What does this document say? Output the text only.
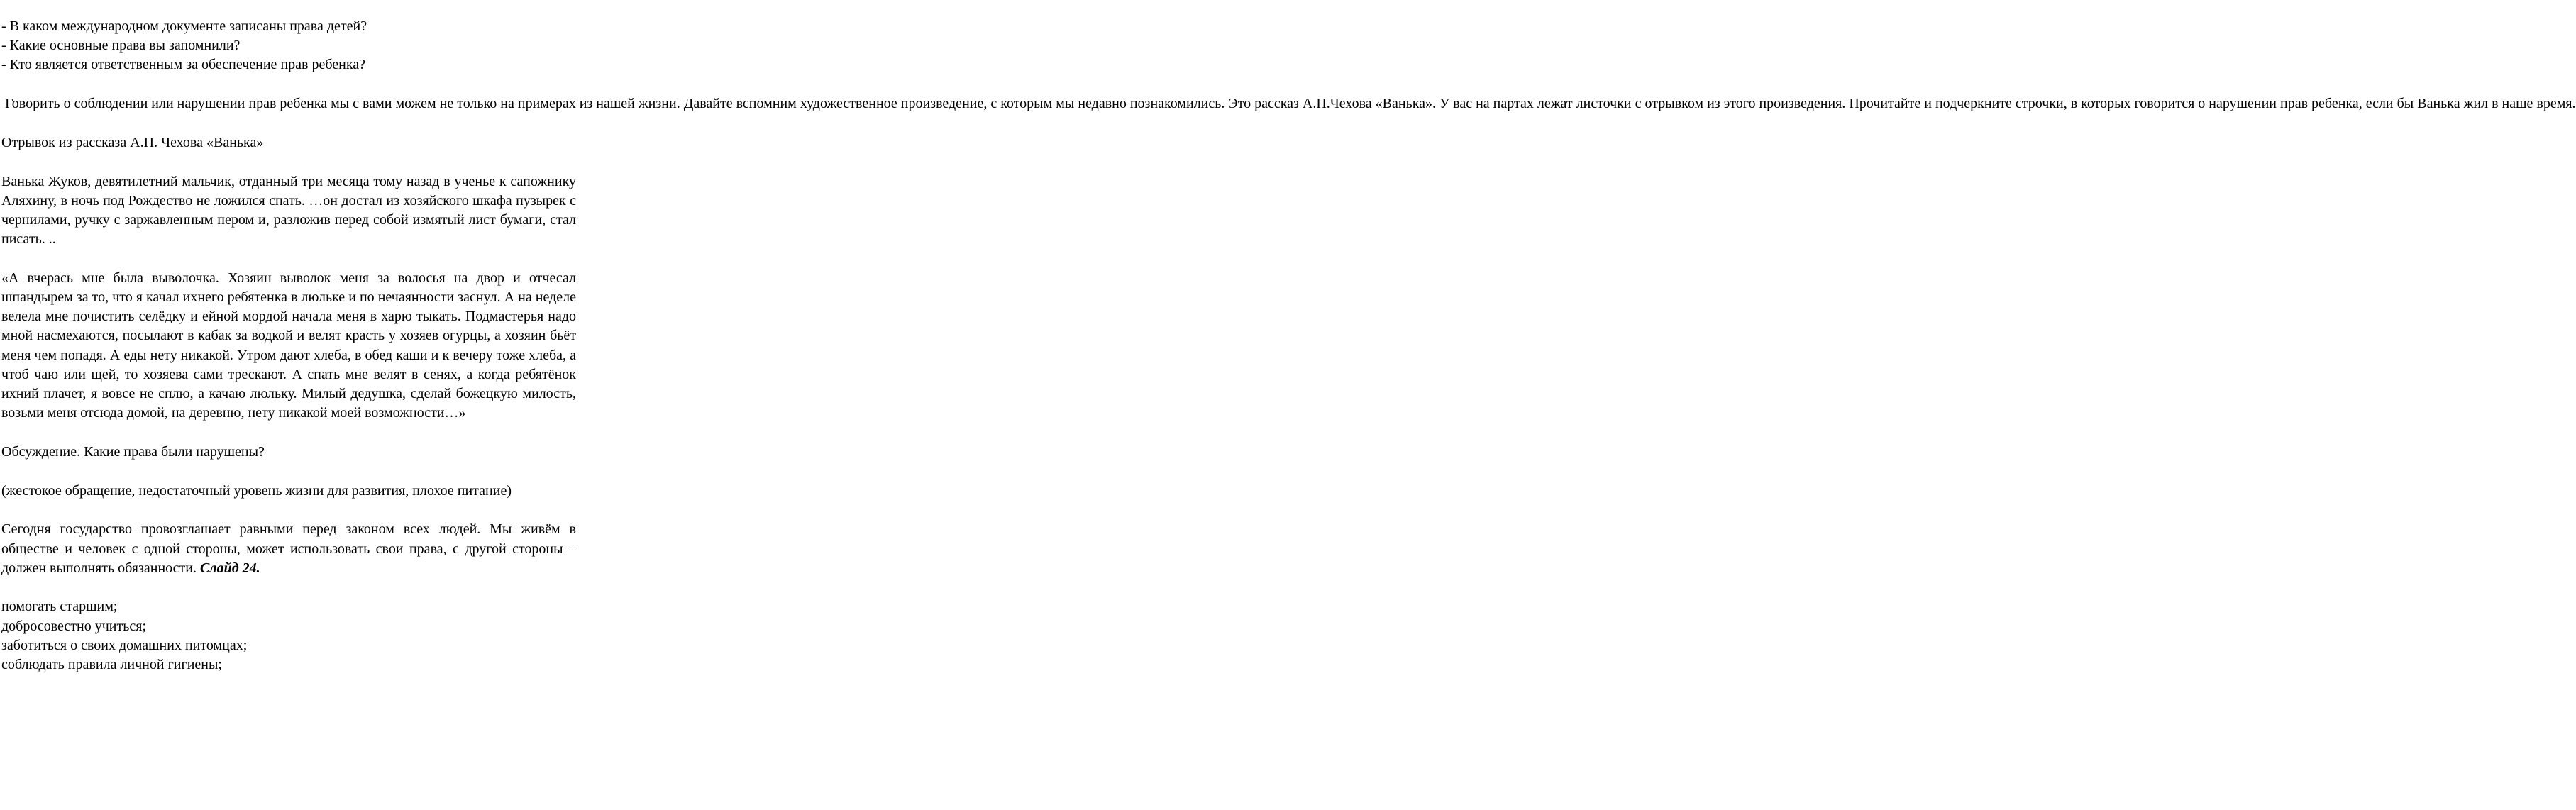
- В каком международном документе записаны права детей?

- Какие основные права вы запомнили?

- Кто является ответственным за обеспечение прав ребенка?

Говорить о соблюдении или нарушении прав ребенка мы с вами можем не только на примерах из нашей жизни. Давайте вспомним художественное произведение, с которым мы недавно познакомились. Это рассказ А.П.Чехова «Ванька». У вас на партах лежат листочки с отрывком из этого произведения. Прочитайте и подчеркните строчки, в которых говорится о нарушении прав ребенка, если бы Ванька жил в наше время.

Отрывок из рассказа А.П. Чехова «Ванька»

Ванька Жуков, девятилетний мальчик, отданный три месяца тому назад в ученье к сапожнику Аляхину, в ночь под Рождество не ложился спать. …он достал из хозяйского шкафа пузырек с чернилами, ручку с заржавленным пером и, разложив перед собой измятый лист бумаги, стал писать. ..

«А вчерась мне была выволочка. Хозяин выволок меня за волосья на двор и отчесал шпандырем за то, что я качал ихнего ребятенка в люльке и по нечаянности заснул. А на неделе велела мне почистить селёдку и ейной мордой начала меня в харю тыкать. Подмастерья надо мной насмехаются, посылают в кабак за водкой и велят красть у хозяев огурцы, а хозяин бьёт меня чем попадя. А еды нету никакой. Утром дают хлеба, в обед каши и к вечеру тоже хлеба, а чтоб чаю или щей, то хозяева сами трескают. А спать мне велят в сенях, а когда ребятёнок ихний плачет, я вовсе не сплю, а качаю люльку. Милый дедушка, сделай божецкую милость, возьми меня отсюда домой, на деревню, нету никакой моей возможности…»

Обсуждение. Какие права были нарушены?

(жестокое обращение, недостаточный уровень жизни для развития, плохое питание)

Сегодня государство провозглашает равными перед законом всех людей. Мы живём в обществе и человек с одной стороны, может использовать свои права, с другой стороны – должен выполнять обязанности. Слайд 24.

помогать старшим;

добросовестно учиться;

заботиться о своих домашних питомцах;

соблюдать правила личной гигиены;
